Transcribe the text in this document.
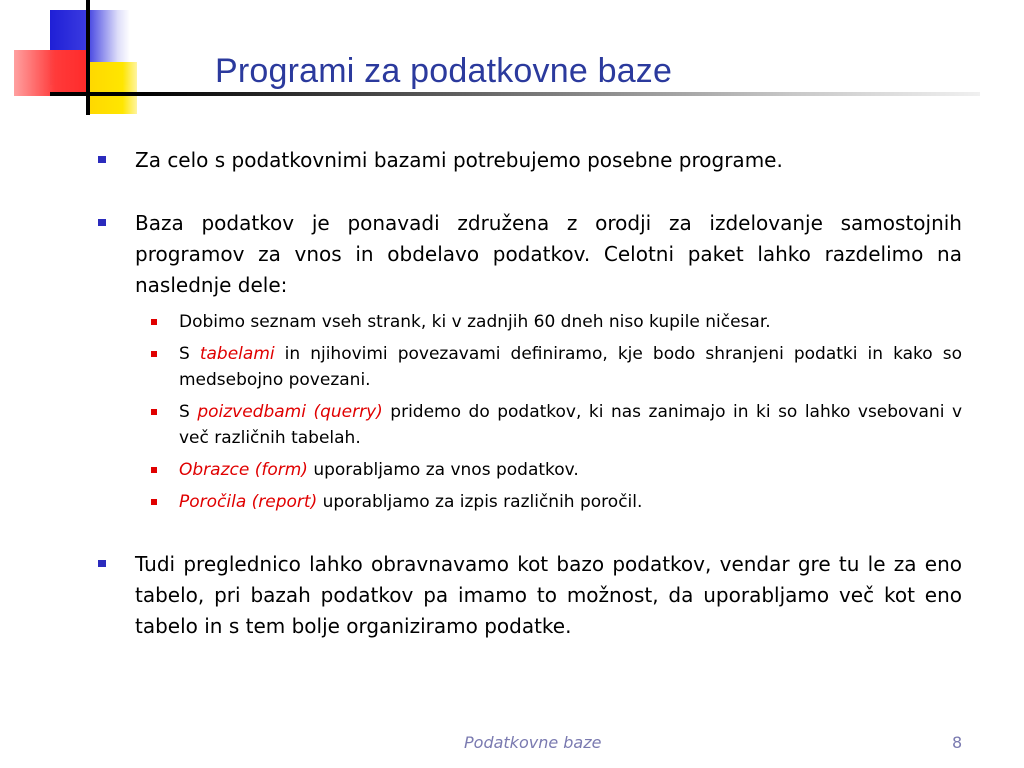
Programi za podatkovne baze
Za celo s podatkovnimi bazami potrebujemo posebne programe.
Baza podatkov je ponavadi združena z orodji za izdelovanje samostojnih programov za vnos in obdelavo podatkov. Celotni paket lahko razdelimo na naslednje dele:
Dobimo seznam vseh strank, ki v zadnjih 60 dneh niso kupile ničesar.
S tabelami in njihovimi povezavami definiramo, kje bodo shranjeni podatki in kako so medsebojno povezani.
S poizvedbami (querry) pridemo do podatkov, ki nas zanimajo in ki so lahko vsebovani v več različnih tabelah.
Obrazce (form) uporabljamo za vnos podatkov.
Poročila (report) uporabljamo za izpis različnih poročil.
Tudi preglednico lahko obravnavamo kot bazo podatkov, vendar gre tu le za eno tabelo, pri bazah podatkov pa imamo to možnost, da uporabljamo več kot eno tabelo in s tem bolje organiziramo podatke.
Podatkovne baze	8
